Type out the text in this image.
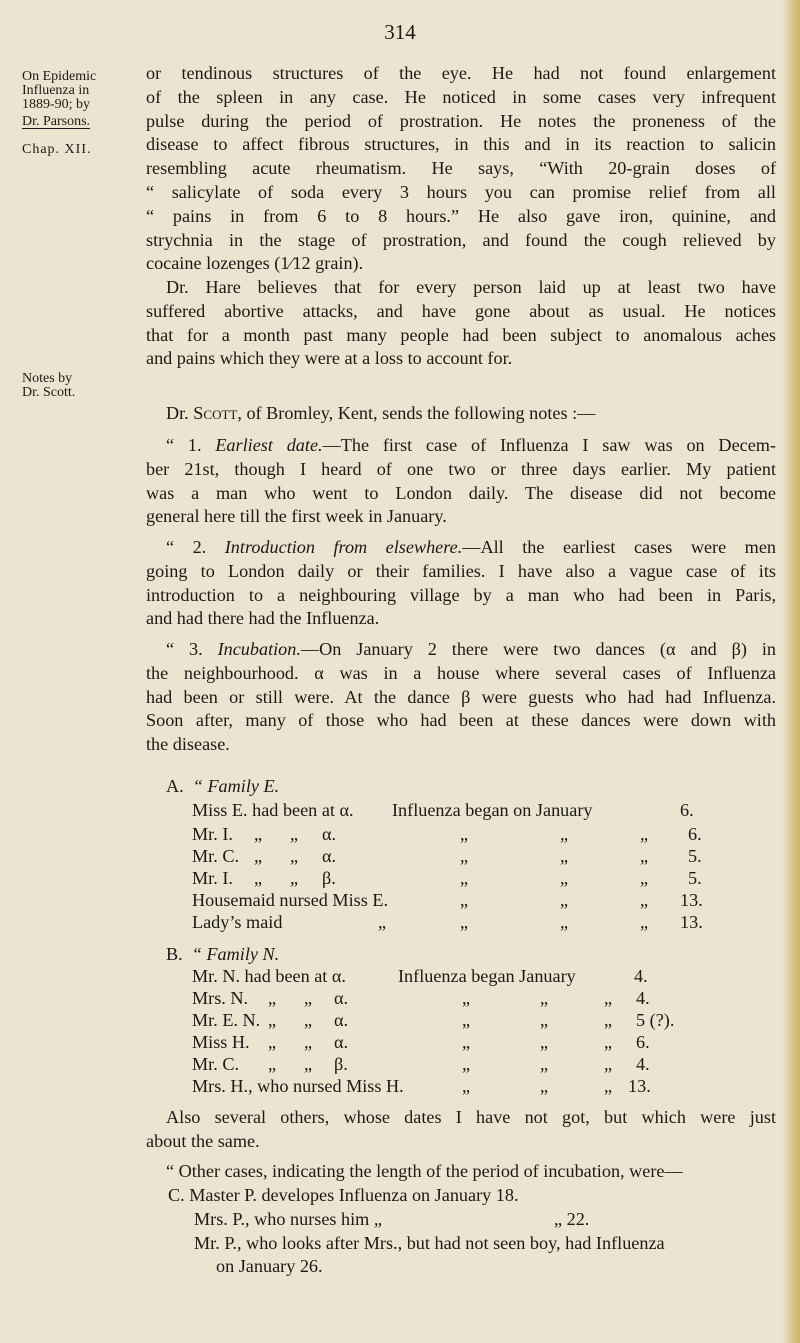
314
On Epidemic
Influenza in
1889-90; by
Dr. Parsons.
Chap. XII.
Notes by
Dr. Scott.
or tendinous structures of the eye. He had not found enlargement
of the spleen in any case. He noticed in some cases very infrequent
pulse during the period of prostration. He notes the proneness of the
disease to affect fibrous structures, in this and in its reaction to salicin
resembling acute rheumatism. He says, “With 20-grain doses of
“ salicylate of soda every 3 hours you can promise relief from all
“ pains in from 6 to 8 hours.” He also gave iron, quinine, and
strychnia in the stage of prostration, and found the cough relieved by
cocaine lozenges (1⁄12 grain).
Dr. Hare believes that for every person laid up at least two have
suffered abortive attacks, and have gone about as usual. He notices
that for a month past many people had been subject to anomalous aches
and pains which they were at a loss to account for.
Dr. Scott, of Bromley, Kent, sends the following notes :—
“ 1. Earliest date.—The first case of Influenza I saw was on Decem-
ber 21st, though I heard of one two or three days earlier. My patient
was a man who went to London daily. The disease did not become
general here till the first week in January.
“ 2. Introduction from elsewhere.—All the earliest cases were men
going to London daily or their families. I have also a vague case of its
introduction to a neighbouring village by a man who had been in Paris,
and had there had the Influenza.
“ 3. Incubation.—On January 2 there were two dances (α and β) in
the neighbourhood. α was in a house where several cases of Influenza
had been or still were. At the dance β were guests who had had Influenza.
Soon after, many of those who had been at these dances were down with
the disease.
A. “ Family E.
Miss E. had been at α. Influenza began on January	6.
Mr. I. „ „ α.	„	„	„ 6.
Mr. C. „ „ α.	„	„	„ 5.
Mr. I. „ „ β.	„	„	„ 5.
Housemaid nursed Miss E.	„	„	„ 13.
Lady’s maid	„	„	„	„ 13.
B. “ Family N.
Mr. N. had been at α.	Influenza began January	4.
Mrs. N. „ „ α.	„	„	„ 4.
Mr. E. N. „ „ α.	„	„	„ 5 (?).
Miss H. „ „ α.	„	„	„ 6.
Mr. C. „ „ β.	„	„	„ 4.
Mrs. H., who nursed Miss H.	„	„	„ 13.
Also several others, whose dates I have not got, but which were just
about the same.
“ Other cases, indicating the length of the period of incubation, were—
C. Master P. developes Influenza on January 18.
Mrs. P., who nurses him „	„ 22.
Mr. P., who looks after Mrs., but had not seen boy, had Influenza
on January 26.
